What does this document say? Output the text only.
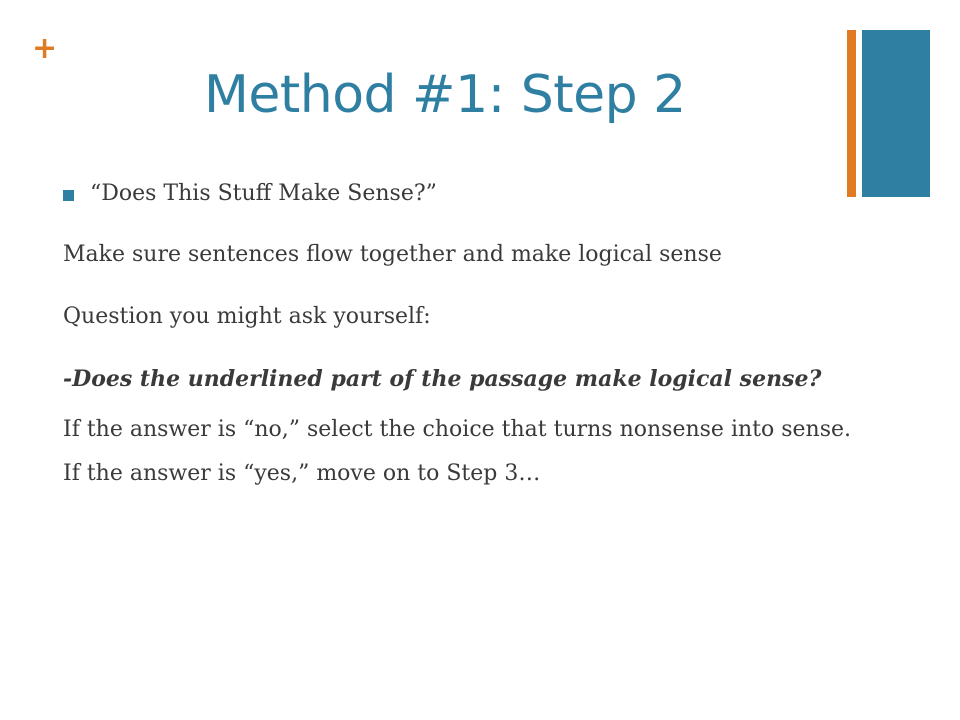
+
Method #1: Step 2
“Does This Stuff Make Sense?”
Make sure sentences flow together and make logical sense
Question you might ask yourself:
-Does the underlined part of the passage make logical sense?
If the answer is “no,” select the choice that turns nonsense into sense.
If the answer is “yes,” move on to Step 3…
